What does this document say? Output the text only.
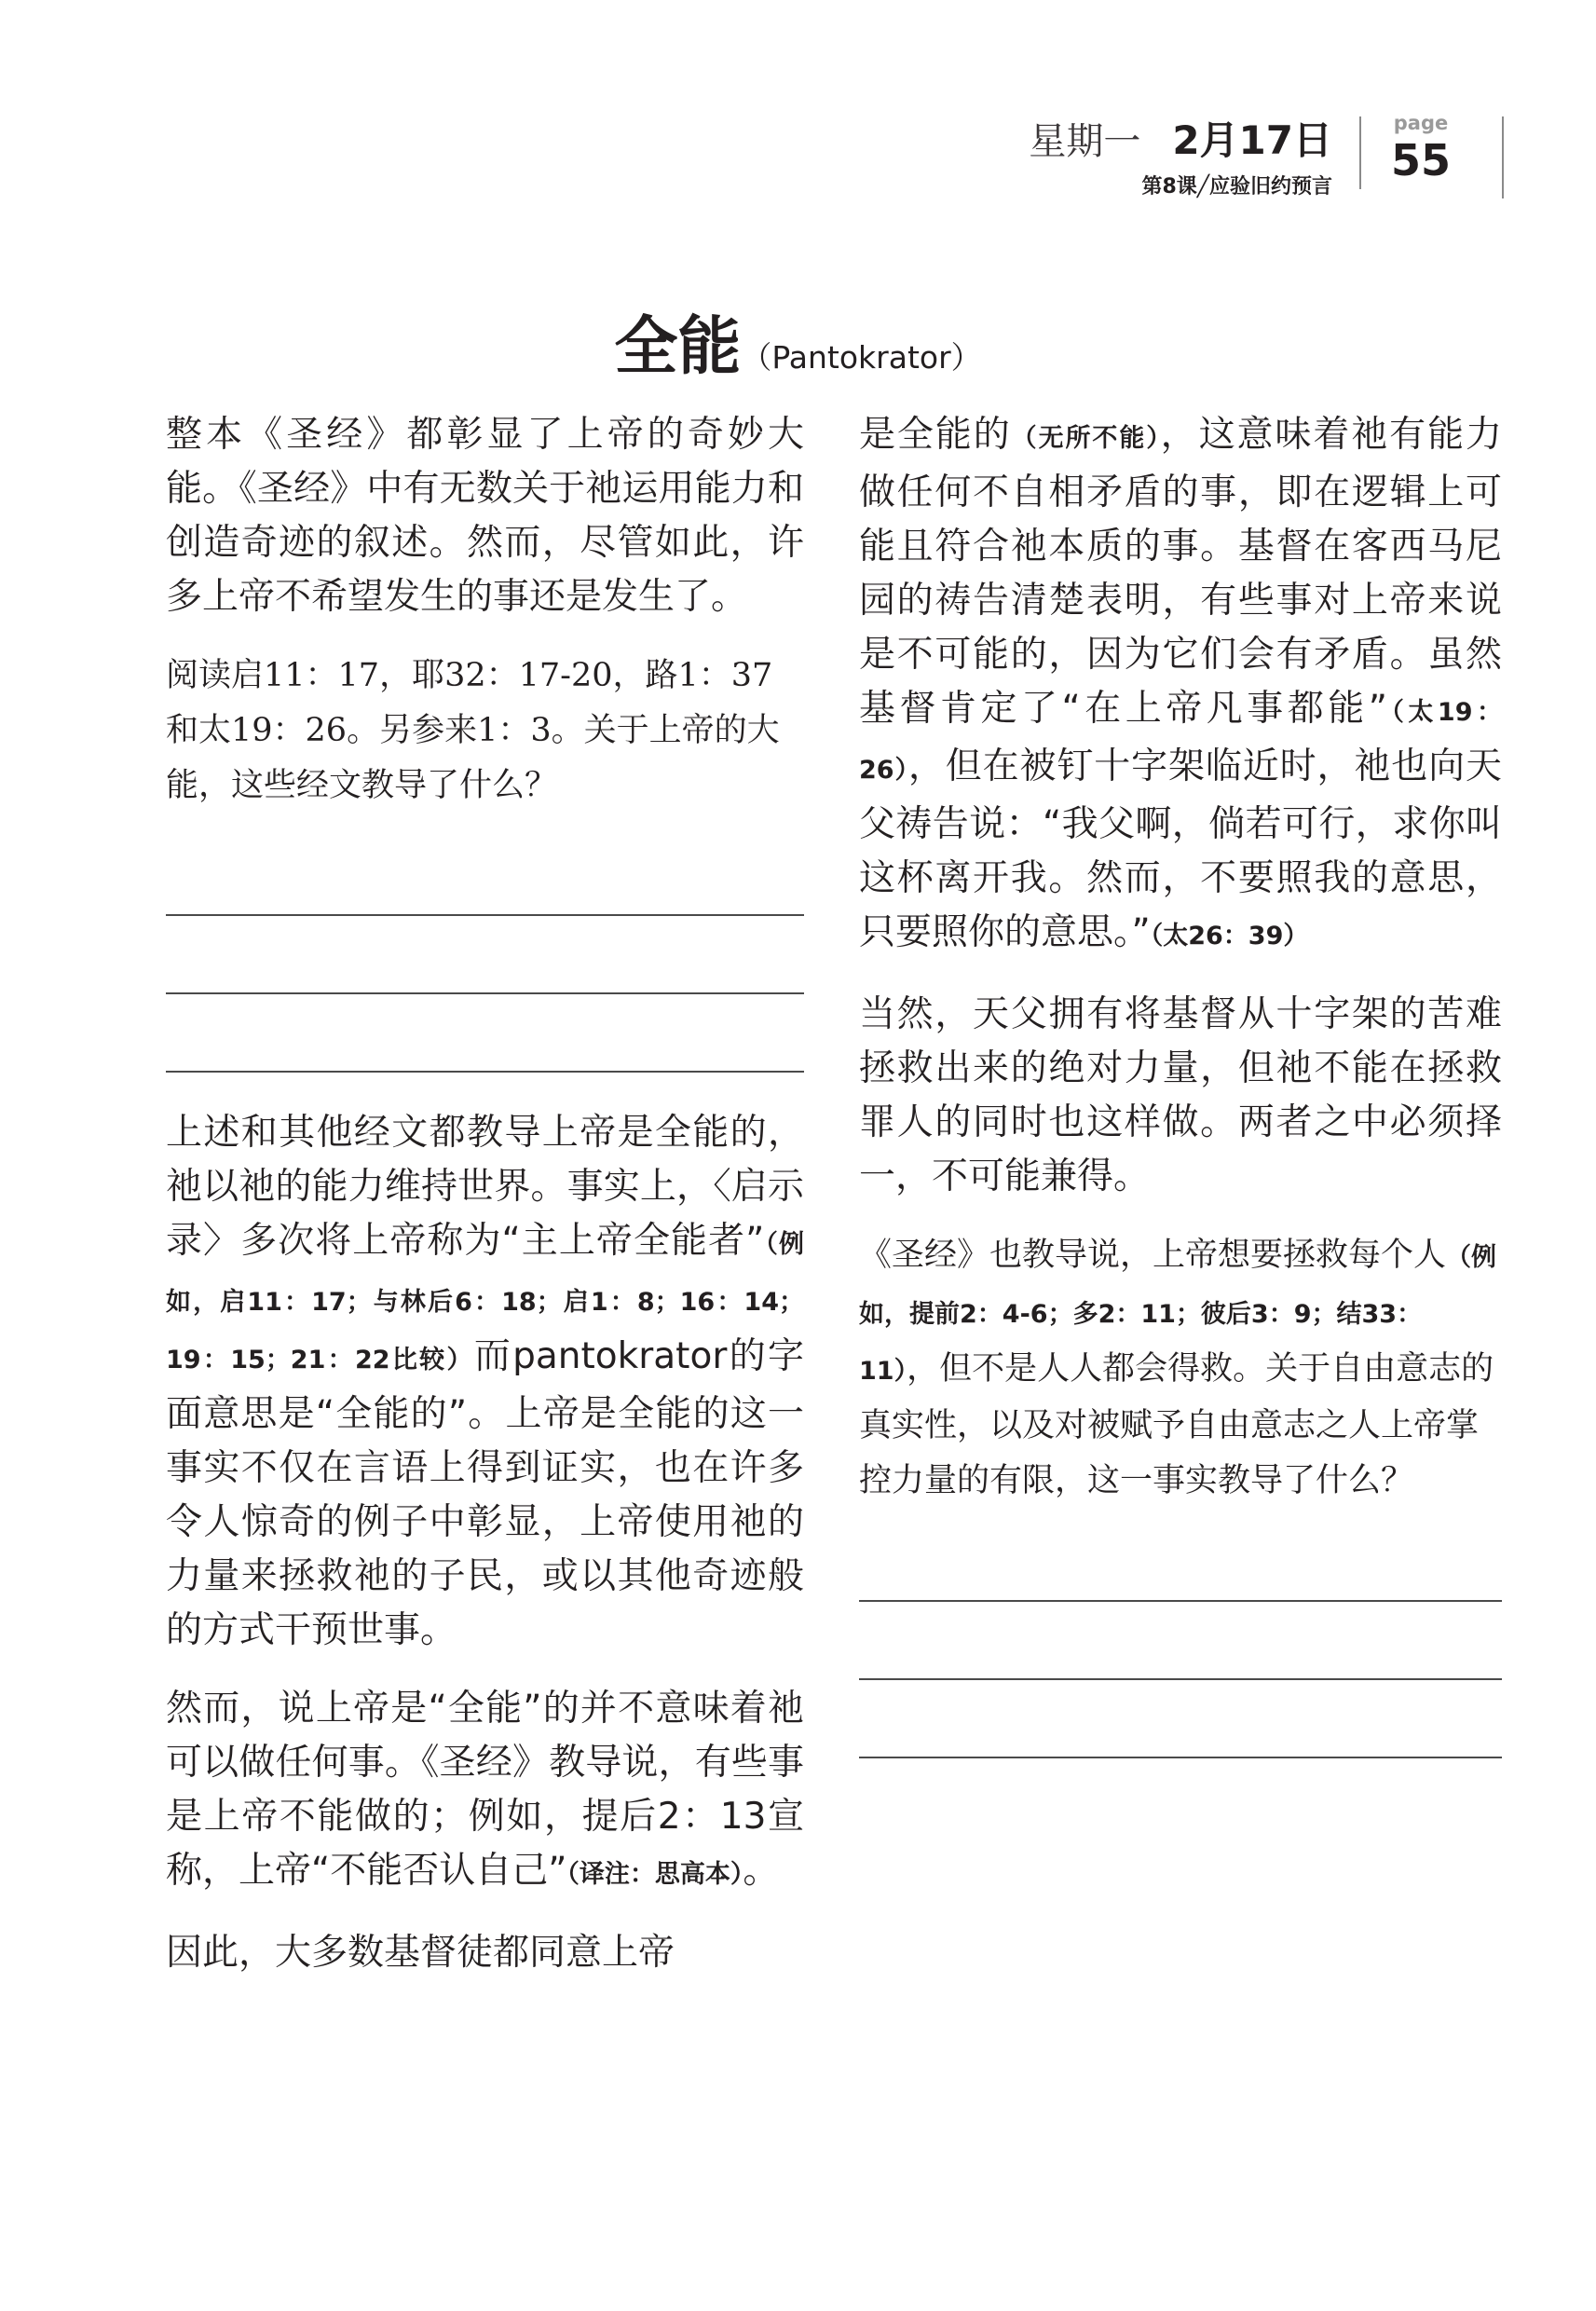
星期一 2月17日
第8课╱应验旧约预言
page
55
全能（Pantokrator）

整本《圣经》都彰显了上帝的奇妙大能。《圣经》中有无数关于祂运用能力和创造奇迹的叙述。然而，尽管如此，许多上帝不希望发生的事还是发生了。

阅读启11：17，耶32：17-20，路1：37和太19：26。另参来1：3。关于上帝的大能，这些经文教导了什么？

上述和其他经文都教导上帝是全能的，祂以祂的能力维持世界。事实上，〈启示录〉多次将上帝称为“主上帝全能者”（例如，启11：17；与林后6：18；启1：8；16：14；19：15；21：22比较）而pantokrator的字面意思是“全能的”。上帝是全能的这一事实不仅在言语上得到证实，也在许多令人惊奇的例子中彰显，上帝使用祂的力量来拯救祂的子民，或以其他奇迹般的方式干预世事。

然而，说上帝是“全能”的并不意味着祂可以做任何事。《圣经》教导说，有些事是上帝不能做的；例如，提后2：13宣称，上帝“不能否认自己”（译注：思高本）。

因此，大多数基督徒都同意上帝

是全能的（无所不能），这意味着祂有能力做任何不自相矛盾的事，即在逻辑上可能且符合祂本质的事。基督在客西马尼园的祷告清楚表明，有些事对上帝来说是不可能的，因为它们会有矛盾。虽然基督肯定了“在上帝凡事都能”（太19：26），但在被钉十字架临近时，祂也向天父祷告说：“我父啊，倘若可行，求你叫这杯离开我。然而，不要照我的意思，只要照你的意思。”（太26：39）

当然，天父拥有将基督从十字架的苦难拯救出来的绝对力量，但祂不能在拯救罪人的同时也这样做。两者之中必须择一，不可能兼得。

《圣经》也教导说，上帝想要拯救每个人（例如，提前2：4-6；多2：11；彼后3：9；结33：11），但不是人人都会得救。关于自由意志的真实性，以及对被赋予自由意志之人上帝掌控力量的有限，这一事实教导了什么？
